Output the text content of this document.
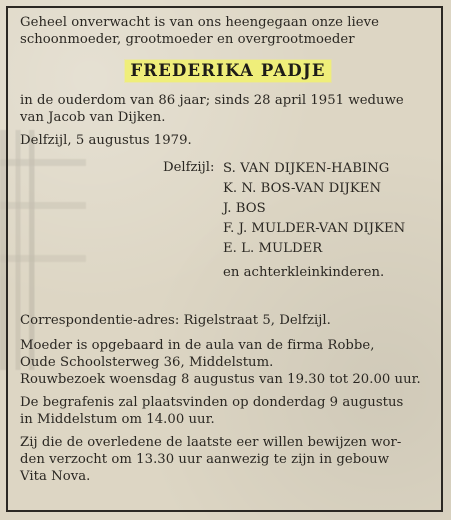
Geheel onverwacht is van ons heengegaan onze lieve
schoonmoeder, grootmoeder en overgrootmoeder
FREDERIKA PADJE
in de ouderdom van 86 jaar; sinds 28 april 1951 weduwe
van Jacob van Dijken.
Delfzijl, 5 augustus 1979.
Delfzijl: S. VAN DIJKEN-HABING
K. N. BOS-VAN DIJKEN
J. BOS
F. J. MULDER-VAN DIJKEN
E. L. MULDER
en achterkleinkinderen.
Correspondentie-adres: Rigelstraat 5, Delfzijl.
Moeder is opgebaard in de aula van de firma Robbe,
Oude Schoolsterweg 36, Middelstum.
Rouwbezoek woensdag 8 augustus van 19.30 tot 20.00 uur.
De begrafenis zal plaatsvinden op donderdag 9 augustus
in Middelstum om 14.00 uur.
Zij die de overledene de laatste eer willen bewijzen wor-
den verzocht om 13.30 uur aanwezig te zijn in gebouw
Vita Nova.
